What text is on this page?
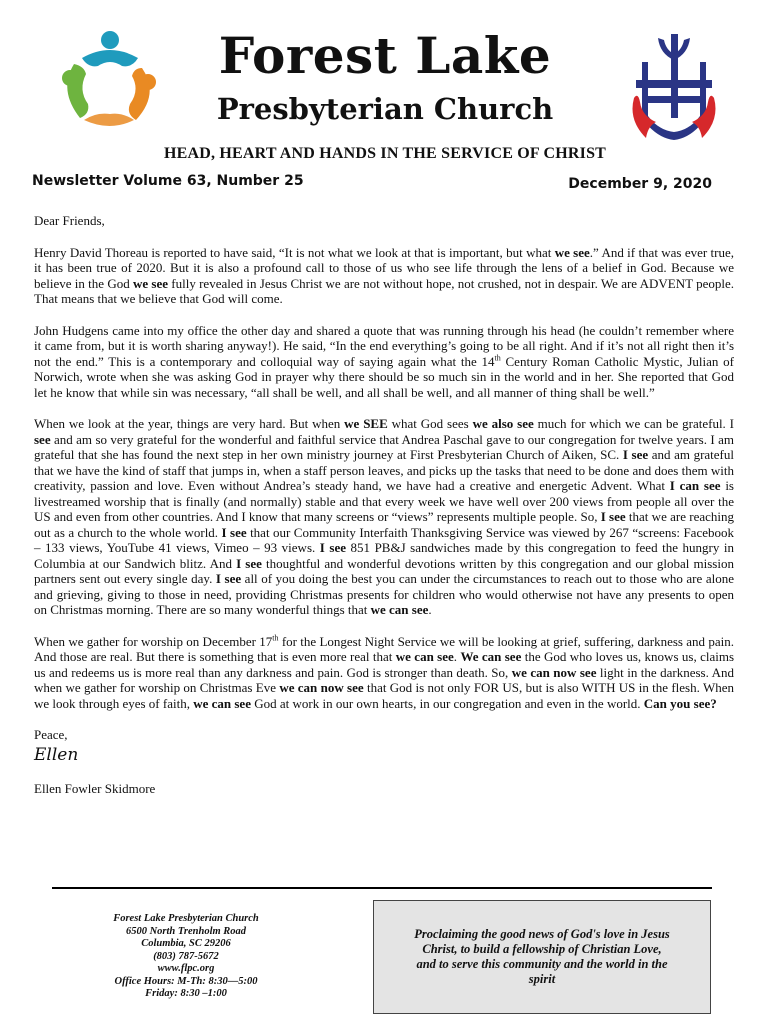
Forest Lake
Presbyterian Church
HEAD, HEART AND HANDS IN THE SERVICE OF CHRIST
Newsletter Volume 63, Number 25	December 9, 2020

Dear Friends,

Henry David Thoreau is reported to have said, “It is not what we look at that is important, but what we see.” And if that was ever true, it has been true of 2020. But it is also a profound call to those of us who see life through the lens of a belief in God. Because we believe in the God we see fully revealed in Jesus Christ we are not without hope, not crushed, not in despair. We are ADVENT people. That means that we believe that God will come.

John Hudgens came into my office the other day and shared a quote that was running through his head (he couldn’t remember where it came from, but it is worth sharing anyway!). He said, “In the end everything’s going to be all right. And if it’s not all right then it’s not the end.” This is a contemporary and colloquial way of saying again what the 14th Century Roman Catholic Mystic, Julian of Norwich, wrote when she was asking God in prayer why there should be so much sin in the world and in her. She reported that God let he know that while sin was necessary, “all shall be well, and all shall be well, and all manner of thing shall be well.”

When we look at the year, things are very hard. But when we SEE what God sees we also see much for which we can be grateful. I see and am so very grateful for the wonderful and faithful service that Andrea Paschal gave to our congregation for twelve years. I am grateful that she has found the next step in her own ministry journey at First Presbyterian Church of Aiken, SC. I see and am grateful that we have the kind of staff that jumps in, when a staff person leaves, and picks up the tasks that need to be done and does them with creativity, passion and love. Even without Andrea’s steady hand, we have had a creative and energetic Advent. What I can see is livestreamed worship that is finally (and normally) stable and that every week we have well over 200 views from people all over the US and even from other countries. And I know that many screens or “views” represents multiple people. So, I see that we are reaching out as a church to the whole world. I see that our Community Interfaith Thanksgiving Service was viewed by 267 “screens: Facebook – 133 views, YouTube 41 views, Vimeo – 93 views. I see 851 PB&J sandwiches made by this congregation to feed the hungry in Columbia at our Sandwich blitz. And I see thoughtful and wonderful devotions written by this congregation and our global mission partners sent out every single day. I see all of you doing the best you can under the circumstances to reach out to those who are alone and grieving, giving to those in need, providing Christmas presents for children who would otherwise not have any presents to open on Christmas morning. There are so many wonderful things that we can see.

When we gather for worship on December 17th for the Longest Night Service we will be looking at grief, suffering, darkness and pain. And those are real. But there is something that is even more real that we can see. We can see the God who loves us, knows us, claims us and redeems us is more real than any darkness and pain. God is stronger than death. So, we can now see light in the darkness. And when we gather for worship on Christmas Eve we can now see that God is not only FOR US, but is also WITH US in the flesh. When we look through eyes of faith, we can see God at work in our own hearts, in our congregation and even in the world. Can you see?

Peace,

Ellen

Ellen Fowler Skidmore

Forest Lake Presbyterian Church
6500 North Trenholm Road
Columbia, SC 29206
(803) 787-5672
www.flpc.org
Office Hours: M-Th: 8:30—5:00
Friday: 8:30 –1:00
Proclaiming the good news of God's love in Jesus Christ, to build a fellowship of Christian Love, and to serve this community and the world in the spirit
